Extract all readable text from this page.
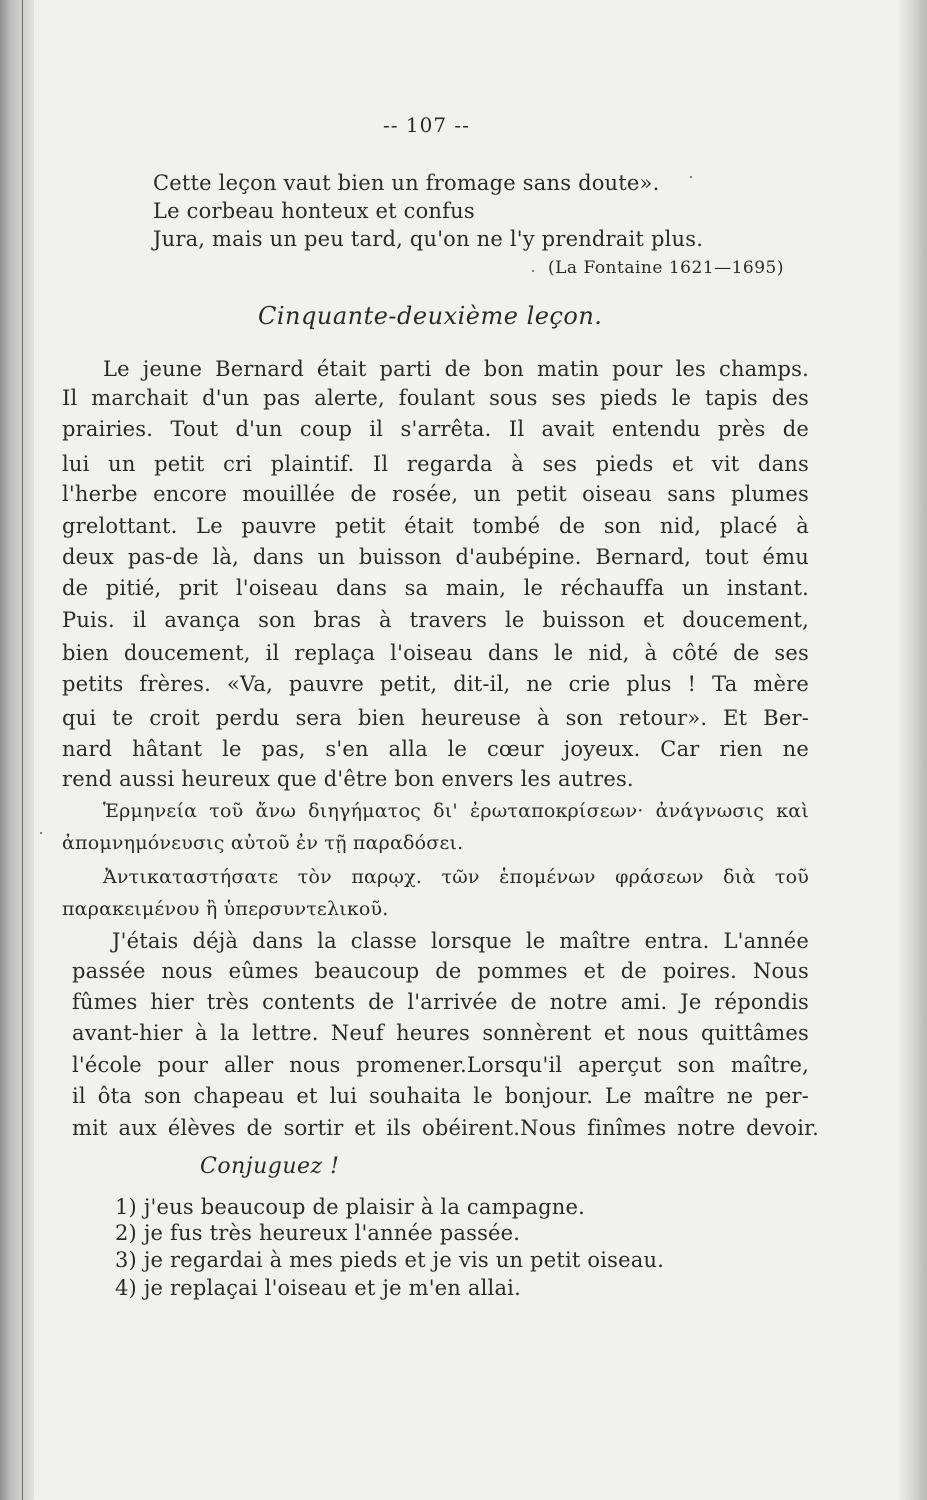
-- 107 --
Cette leçon vaut bien un fromage sans doute».
Le corbeau honteux et confus
Jura, mais un peu tard, qu'on ne l'y prendrait plus.
(La Fontaine 1621—1695)
Cinquante-deuxième leçon.
Le jeune Bernard était parti de bon matin pour les champs.
Il marchait d'un pas alerte, foulant sous ses pieds le tapis des
prairies. Tout d'un coup il s'arrêta. Il avait entendu près de
lui un petit cri plaintif. Il regarda à ses pieds et vit dans
l'herbe encore mouillée de rosée, un petit oiseau sans plumes
grelottant. Le pauvre petit était tombé de son nid, placé à
deux pas-de là, dans un buisson d'aubépine. Bernard, tout ému
de pitié, prit l'oiseau dans sa main, le réchauffa un instant.
Puis. il avança son bras à travers le buisson et doucement,
bien doucement, il replaça l'oiseau dans le nid, à côté de ses
petits frères. «Va, pauvre petit, dit-il, ne crie plus ! Ta mère
qui te croit perdu sera bien heureuse à son retour». Et Ber-
nard hâtant le pas, s'en alla le cœur joyeux. Car rien ne
rend aussi heureux que d'être bon envers les autres.
Ἑρμηνεία τοῦ ἄνω διηγήματος δι' ἐρωταποκρίσεων· ἀνάγνωσις καὶ
ἀπομνημόνευσις αὐτοῦ ἐν τῇ παραδόσει.
Ἀντικαταστήσατε τὸν παρῳχ. τῶν ἑπομένων φράσεων διὰ τοῦ
παρακειμένου ἢ ὑπερσυντελικοῦ.
J'étais déjà dans la classe lorsque le maître entra. L'année
passée nous eûmes beaucoup de pommes et de poires. Nous
fûmes hier très contents de l'arrivée de notre ami. Je répondis
avant-hier à la lettre. Neuf heures sonnèrent et nous quittâmes
l'école pour aller nous promener.Lorsqu'il aperçut son maître,
il ôta son chapeau et lui souhaita le bonjour. Le maître ne per-
mit aux élèves de sortir et ils obéirent.Nous finîmes notre devoir.
Conjuguez !
1) j'eus beaucoup de plaisir à la campagne.
2) je fus très heureux l'année passée.
3) je regardai à mes pieds et je vis un petit oiseau.
4) je replaçai l'oiseau et je m'en allai.
